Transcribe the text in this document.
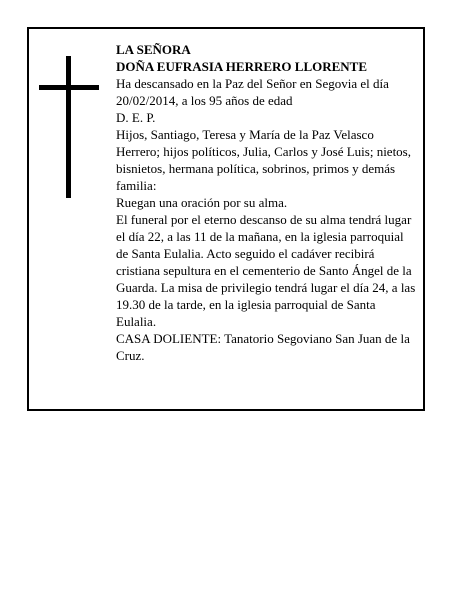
LA SEÑORA

DOÑA EUFRASIA HERRERO LLORENTE

Ha descansado en la Paz del Señor en Segovia el día 20/02/2014, a los 95 años de edad

D. E. P.

Hijos, Santiago, Teresa y María de la Paz Velasco Herrero; hijos políticos, Julia, Carlos y José Luis; nietos, bisnietos, hermana política, sobrinos, primos y demás familia:

Ruegan una oración por su alma.

El funeral por el eterno descanso de su alma tendrá lugar el día 22, a las 11 de la mañana, en la iglesia parroquial de Santa Eulalia. Acto seguido el cadáver recibirá cristiana sepultura en el cementerio de Santo Ángel de la Guarda. La misa de privilegio tendrá lugar el día 24, a las 19.30 de la tarde, en la iglesia parroquial de Santa Eulalia.

CASA DOLIENTE: Tanatorio Segoviano San Juan de la Cruz.
